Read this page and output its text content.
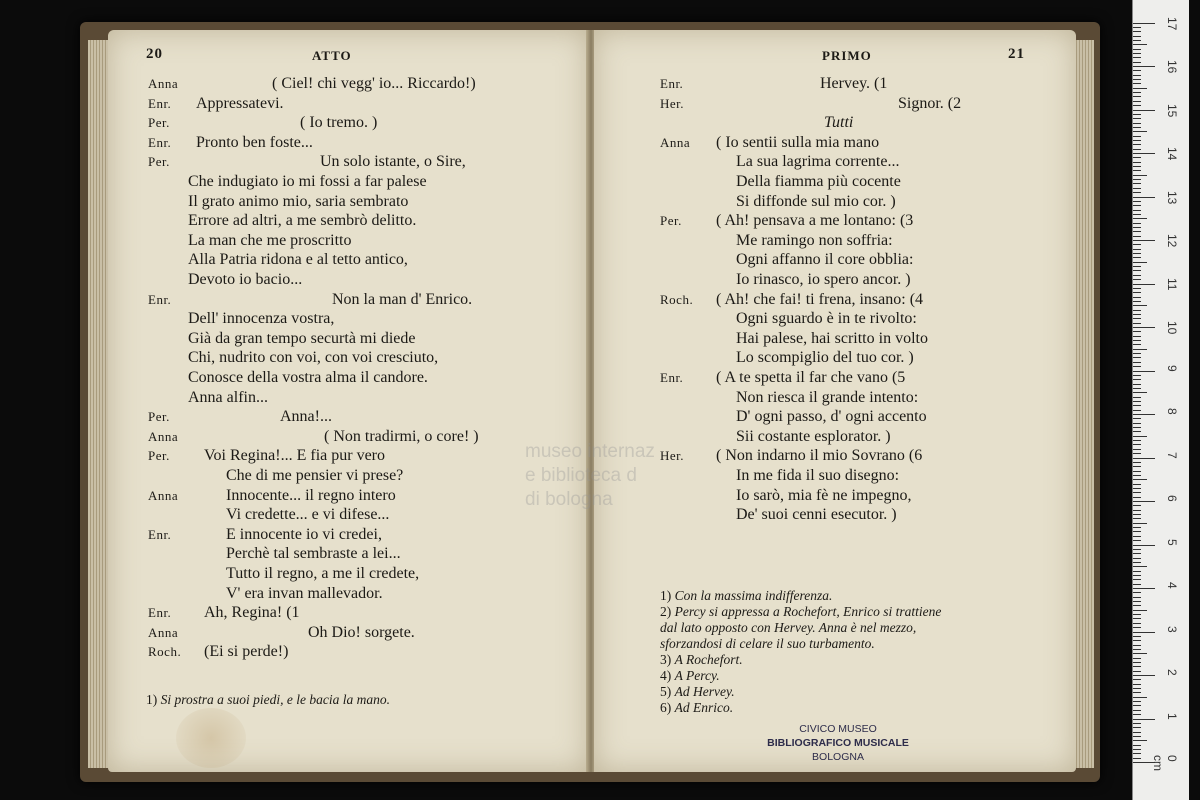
20	ATTO
Anna	( Ciel! chi vegg' io... Riccardo!)
Enr. Appressatevi.
Per.	( Io tremo. )
Enr. Pronto ben foste...
Per.	Un solo istante, o Sire,
Che indugiato io mi fossi a far palese
Il grato animo mio, saria sembrato
Errore ad altri, a me sembrò delitto.
La man che me proscritto
Alla Patria ridona e al tetto antico,
Devoto io bacio...
Enr.	Non la man d' Enrico.
Dell' innocenza vostra,
Già da gran tempo securtà mi diede
Chi, nudrito con voi, con voi cresciuto,
Conosce della vostra alma il candore.
Anna alfin...
Per.	Anna!...
Anna	( Non tradirmi, o core! )
Per. Voi Regina!... E fia pur vero
Che di me pensier vi prese?
Anna	Innocente... il regno intero
Vi credette... e vi difese...
Enr.	E innocente io vi credei,
Perchè tal sembraste a lei...
Tutto il regno, a me il credete,
V' era invan mallevador.
Enr. Ah, Regina! (1
Anna	Oh Dio! sorgete.
Roch. (Ei si perde!)
1) Si prostra a suoi piedi, e le bacia la mano.
PRIMO	21
Enr.	Hervey. (1
Her.	Signor. (2
Tutti
Anna ( Io sentii sulla mia mano
La sua lagrima corrente...
Della fiamma più cocente
Si diffonde sul mio cor. )
Per. ( Ah! pensava a me lontano: (3
Me ramingo non soffria:
Ogni affanno il core obblia:
Io rinasco, io spero ancor. )
Roch. ( Ah! che fai! ti frena, insano: (4
Ogni sguardo è in te rivolto:
Hai palese, hai scritto in volto
Lo scompiglio del tuo cor. )
Enr. ( A te spetta il far che vano (5
Non riesca il grande intento:
D' ogni passo, d' ogni accento
Sii costante esplorator. )
Her. ( Non indarno il mio Sovrano (6
In me fida il suo disegno:
Io sarò, mia fè ne impegno,
De' suoi cenni esecutor. )
1) Con la massima indifferenza.
2) Percy si appressa a Rochefort, Enrico si trattiene
dal lato opposto con Hervey. Anna è nel mezzo,
sforzandosi di celare il suo turbamento.
3) A Rochefort.
4) A Percy.
5) Ad Hervey.
6) Ad Enrico.
museo internaz
e biblioteca d
di bologna
CIVICO MUSEO
BIBLIOGRAFICO MUSICALE
BOLOGNA
1
2
3
4
5
6
7
8
9
10
11
12
13
14
15
16
17
0 cm
